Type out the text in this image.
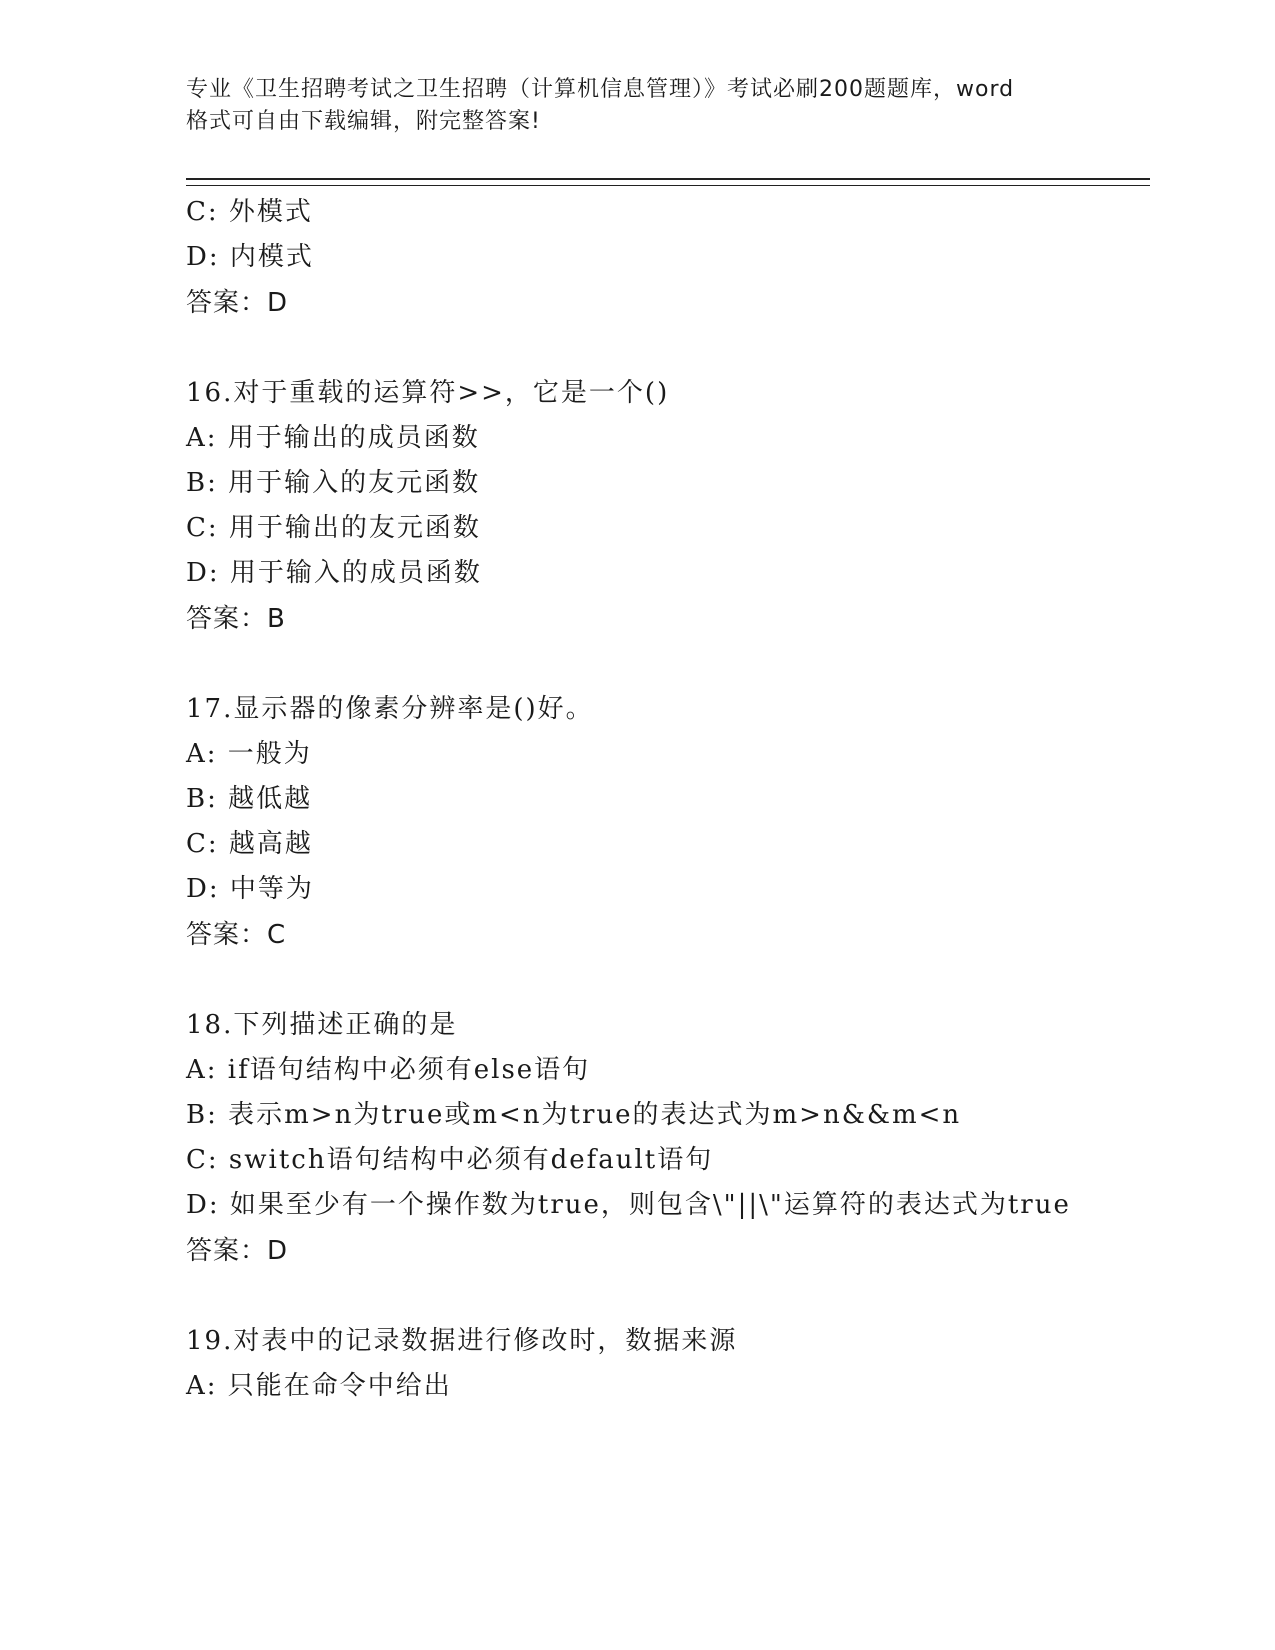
专业《卫生招聘考试之卫生招聘（计算机信息管理）》考试必刷200题题库，word
格式可自由下载编辑，附完整答案!
C: 外模式
D: 内模式
答案：D
16.对于重载的运算符>>，它是一个()
A: 用于输出的成员函数
B: 用于输入的友元函数
C: 用于输出的友元函数
D: 用于输入的成员函数
答案：B
17.显示器的像素分辨率是()好。
A: 一般为
B: 越低越
C: 越高越
D: 中等为
答案：C
18.下列描述正确的是
A: if语句结构中必须有else语句
B: 表示m>n为true或m<n为true的表达式为m>n&&m<n
C: switch语句结构中必须有default语句
D: 如果至少有一个操作数为true，则包含\"||\"运算符的表达式为true
答案：D
19.对表中的记录数据进行修改时，数据来源
A: 只能在命令中给出
